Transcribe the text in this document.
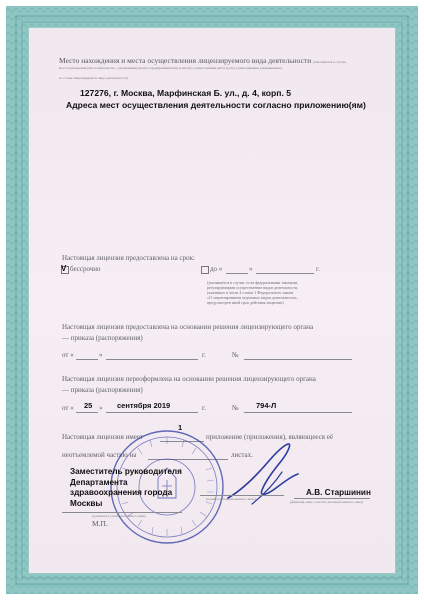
Место нахождения и места осуществления лицензируемого вида деятельности (заполняется в случае,
места нахождения (места жительства - для индивидуального предпринимателя) и мест(а) осуществления работ (услуг), выполняемых (оказываемых)
в составе лицензируемого вида деятельности)
127276, г. Москва, Марфинская Б. ул., д. 4, корп. 5
Адреса мест осуществления деятельности согласно приложению(ям)
Настоящая лицензия предоставлена на срок:
V бессрочно	до «	»	г.
(указывается в случае, если федеральными законами,
регулирующими осуществление видов деятельности,
указанных в части 4 статьи 1 Федерального закона
«О лицензировании отдельных видов деятельности»,
предусмотрен иной срок действия лицензии)
Настоящая лицензия предоставлена на основании решения лицензирующего органа
— приказа (распоряжения)
от «	»	г.	№
Настоящая лицензия переоформлена на основании решения лицензирующего органа
— приказа (распоряжения)
от « 25 » сентября 2019	г.	№ 794-Л
1
Настоящая лицензия имеет	приложение (приложения), являющееся её
неотъемлемой частью на	листах.
Заместитель руководителя
Департамента
здравоохранения города
Москвы
(должность уполномоченного лица)
(подпись уполномоченного лица)
А.В. Старшинин
(фамилия, имя, отчество уполномоченного лица)
М.П.
